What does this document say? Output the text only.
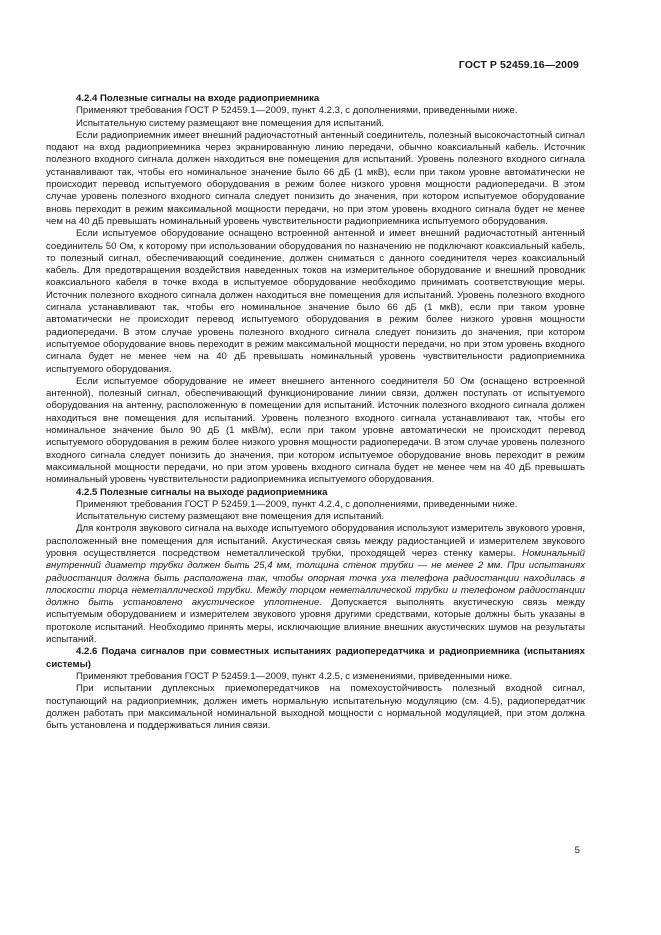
ГОСТ Р 52459.16—2009

4.2.4 Полезные сигналы на входе радиоприемника

Применяют требования ГОСТ Р 52459.1—2009, пункт 4.2.3, с дополнениями, приведенными ниже.

Испытательную систему размещают вне помещения для испытаний.

Если радиоприемник имеет внешний радиочастотный антенный соединитель, полезный высокочастотный сигнал подают на вход радиоприемника через экранированную линию передачи, обычно коаксиальный кабель. Источник полезного входного сигнала должен находиться вне помещения для испытаний. Уровень полезного входного сигнала устанавливают так, чтобы его номинальное значение было 66 дБ (1 мкВ), если при таком уровне автоматически не происходит перевод испытуемого оборудования в режим более низкого уровня мощности радиопередачи. В этом случае уровень полезного входного сигнала следует понизить до значения, при котором испытуемое оборудование вновь переходит в режим максимальной мощности передачи, но при этом уровень входного сигнала будет не менее чем на 40 дБ превышать номинальный уровень чувствительности радиоприемника испытуемого оборудования.

Если испытуемое оборудование оснащено встроенной антенной и имеет внешний радиочастотный антенный соединитель 50 Ом, к которому при использовании оборудования по назначению не подключают коаксиальный кабель, то полезный сигнал, обеспечивающий соединение, должен сниматься с данного соединителя через коаксиальный кабель. Для предотвращения воздействия наведенных токов на измерительное оборудование и внешний проводник коаксиального кабеля в точке входа в испытуемое оборудование необходимо принимать соответствующие меры. Источник полезного входного сигнала должен находиться вне помещения для испытаний. Уровень полезного входного сигнала устанавливают так, чтобы его номинальное значение было 66 дБ (1 мкВ), если при таком уровне автоматически не происходит перевод испытуемого оборудования в режим более низкого уровня мощности радиопередачи. В этом случае уровень полезного входного сигнала следует понизить до значения, при котором испытуемое оборудование вновь переходит в режим максимальной мощности передачи, но при этом уровень входного сигнала будет не менее чем на 40 дБ превышать номинальный уровень чувствительности радиоприемника испытуемого оборудования.

Если испытуемое оборудование не имеет внешнего антенного соединителя 50 Ом (оснащено встроенной антенной), полезный сигнал, обеспечивающий функционирование линии связи, должен поступать от испытуемого оборудования на антенну, расположенную в помещении для испытаний. Источник полезного входного сигнала должен находиться вне помещения для испытаний. Уровень полезного входного сигнала устанавливают так, чтобы его номинальное значение было 90 дБ (1 мкВ/м), если при таком уровне автоматически не происходит перевод испытуемого оборудования в режим более низкого уровня мощности радиопередачи. В этом случае уровень полезного входного сигнала следует понизить до значения, при котором испытуемое оборудование вновь переходит в режим максимальной мощности передачи, но при этом уровень входного сигнала будет не менее чем на 40 дБ превышать номинальный уровень чувствительности радиоприемника испытуемого оборудования.

4.2.5 Полезные сигналы на выходе радиоприемника

Применяют требования ГОСТ Р 52459.1—2009, пункт 4.2.4, с дополнениями, приведенными ниже.

Испытательную систему размещают вне помещения для испытаний.

Для контроля звукового сигнала на выходе испытуемого оборудования используют измеритель звукового уровня, расположенный вне помещения для испытаний. Акустическая связь между радиостанцией и измерителем звукового уровня осуществляется посредством неметаллической трубки, проходящей через стенку камеры. Номинальный внутренний диаметр трубки должен быть 25,4 мм, толщина стенок трубки — не менее 2 мм. При испытаниях радиостанция должна быть расположена так, чтобы опорная точка уха телефона радиостанции находилась в плоскости торца неметаллической трубки. Между торцом неметаллической трубки и телефоном радиостанции должно быть установлено акустическое уплотнение. Допускается выполнять акустическую связь между испытуемым оборудованием и измерителем звукового уровня другими средствами, которые должны быть указаны в протоколе испытаний. Необходимо принять меры, исключающие влияние внешних акустических шумов на результаты испытаний.

4.2.6 Подача сигналов при совместных испытаниях радиопередатчика и радиоприемника (испытаниях системы)

Применяют требования ГОСТ Р 52459.1—2009, пункт 4.2.5, с изменениями, приведенными ниже.

При испытании дуплексных приемопередатчиков на помехоустойчивость полезный входной сигнал, поступающий на радиоприемник, должен иметь нормальную испытательную модуляцию (см. 4.5), радиопередатчик должен работать при максимальной номинальной выходной мощности с нормальной модуляцией, при этом должна быть установлена и поддерживаться линия связи.

5
